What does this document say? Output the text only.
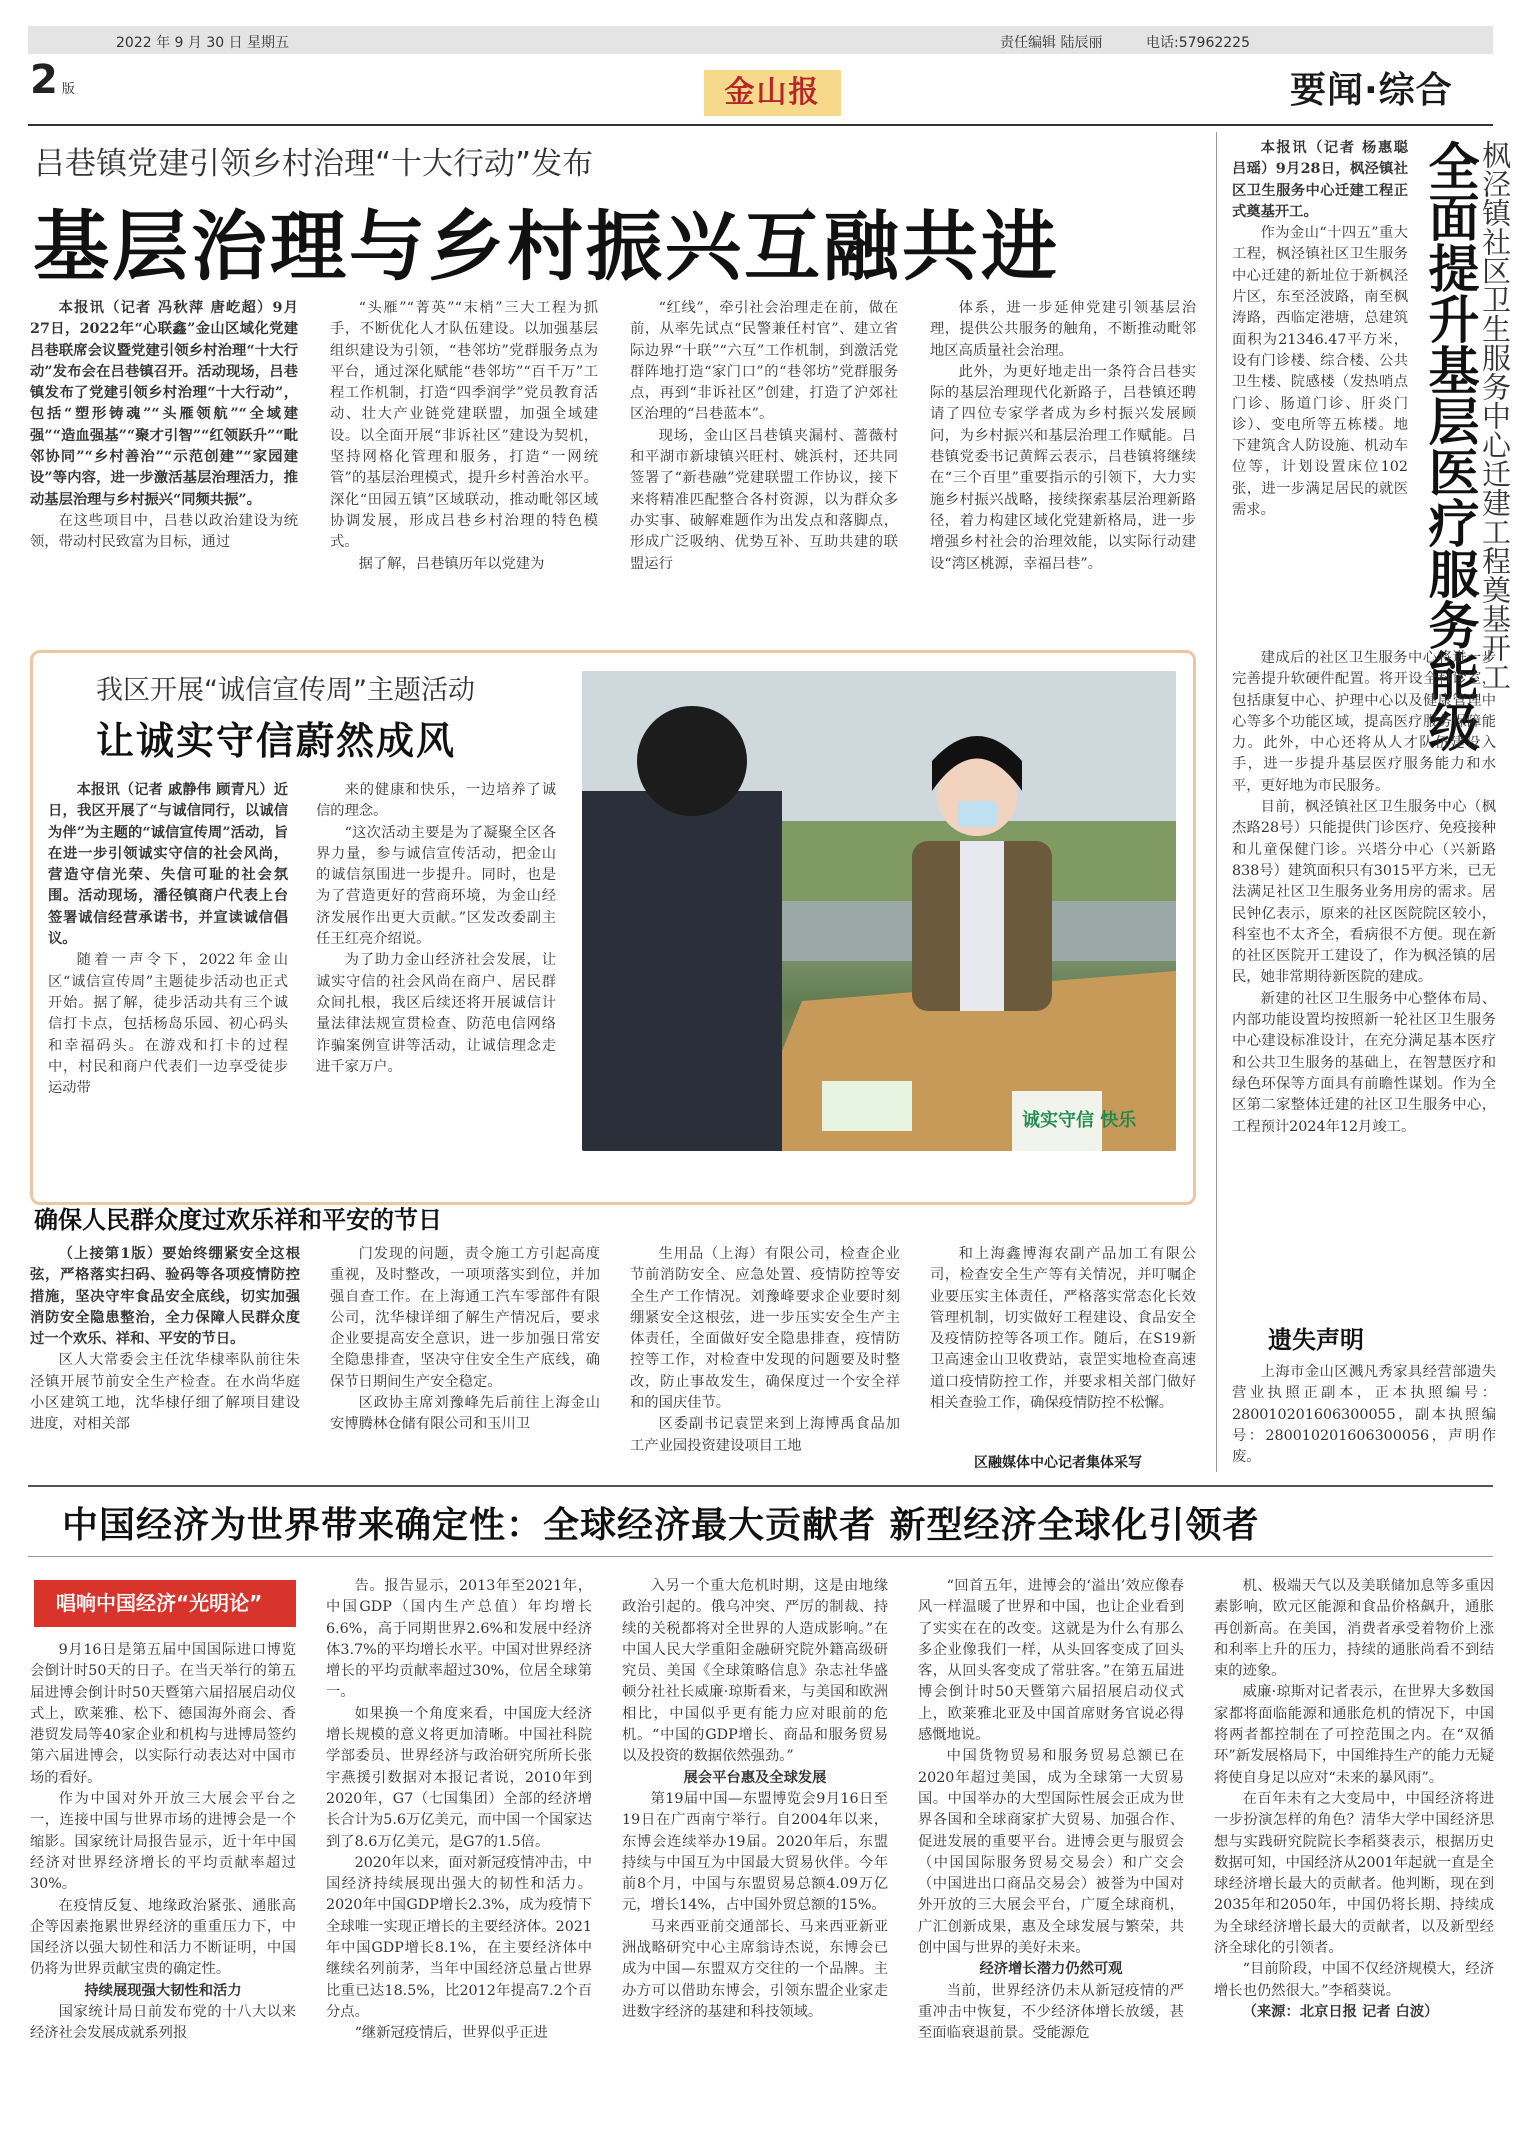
2022 年 9 月 30 日 星期五	责任编辑 陆辰丽	电话:57962225
2 版	金山报	要闻·综合
吕巷镇党建引领乡村治理“十大行动”发布
基层治理与乡村振兴互融共进

本报讯（记者 冯秋萍 唐屹超）9月27日，2022年“心联鑫”金山区域化党建吕巷联席会议暨党建引领乡村治理“十大行动”发布会在吕巷镇召开。活动现场，吕巷镇发布了党建引领乡村治理“十大行动”，包括“塑形铸魂”“头雁领航”“全域建强”“造血强基”“聚才引智”“红领跃升”“毗邻协同”“乡村善治”“示范创建”“家园建设”等内容，进一步激活基层治理活力，推动基层治理与乡村振兴“同频共振”。

在这些项目中，吕巷以政治建设为统领，带动村民致富为目标，通过

“头雁”“菁英”“末梢”三大工程为抓手，不断优化人才队伍建设。以加强基层组织建设为引领，“巷邻坊”党群服务点为平台，通过深化赋能“巷邻坊”“百千万”工程工作机制，打造“四季润学”党员教育活动、壮大产业链党建联盟，加强全域建设。以全面开展“非诉社区”建设为契机，坚持网格化管理和服务，打造“一网统管”的基层治理模式，提升乡村善治水平。深化“田园五镇”区域联动，推动毗邻区域协调发展，形成吕巷乡村治理的特色模式。

据了解，吕巷镇历年以党建为

“红线”，牵引社会治理走在前，做在前，从率先试点“民警兼任村官”、建立省际边界“十联”“六互”工作机制，到激活党群阵地打造“家门口”的“巷邻坊”党群服务点，再到“非诉社区”创建，打造了沪郊社区治理的“吕巷蓝本”。

现场，金山区吕巷镇夹漏村、蔷薇村和平湖市新埭镇兴旺村、姚浜村，还共同签署了“新巷融”党建联盟工作协议，接下来将精准匹配整合各村资源，以为群众多办实事、破解难题作为出发点和落脚点，形成广泛吸纳、优势互补、互助共建的联盟运行

体系，进一步延伸党建引领基层治理，提供公共服务的触角，不断推动毗邻地区高质量社会治理。

此外，为更好地走出一条符合吕巷实际的基层治理现代化新路子，吕巷镇还聘请了四位专家学者成为乡村振兴发展顾问，为乡村振兴和基层治理工作赋能。吕巷镇党委书记黄辉云表示，吕巷镇将继续在“三个百里”重要指示的引领下，大力实施乡村振兴战略，接续探索基层治理新路径，着力构建区域化党建新格局，进一步增强乡村社会的治理效能，以实际行动建设“湾区桃源，幸福吕巷”。

我区开展“诚信宣传周”主题活动
让诚实守信蔚然成风

本报讯（记者 戚静伟 顾青凡）近日，我区开展了“与诚信同行，以诚信为伴”为主题的“诚信宣传周”活动，旨在进一步引领诚实守信的社会风尚，营造守信光荣、失信可耻的社会氛围。活动现场，潘径镇商户代表上台签署诚信经营承诺书，并宣读诚信倡议。

随着一声令下，2022年金山区“诚信宣传周”主题徒步活动也正式开始。据了解，徒步活动共有三个诚信打卡点，包括杨岛乐园、初心码头和幸福码头。在游戏和打卡的过程中，村民和商户代表们一边享受徒步运动带

来的健康和快乐，一边培养了诚信的理念。

“这次活动主要是为了凝聚全区各界力量，参与诚信宣传活动，把金山的诚信氛围进一步提升。同时，也是为了营造更好的营商环境，为金山经济发展作出更大贡献。”区发改委副主任王红亮介绍说。

为了助力金山经济社会发展，让诚实守信的社会风尚在商户、居民群众间扎根，我区后续还将开展诚信计量法律法规宣贯检查、防范电信网络诈骗案例宣讲等活动，让诚信理念走进千家万户。

诚实守信 快乐
确保人民群众度过欢乐祥和平安的节日

（上接第1版）要始终绷紧安全这根弦，严格落实扫码、验码等各项疫情防控措施，坚决守牢食品安全底线，切实加强消防安全隐患整治，全力保障人民群众度过一个欢乐、祥和、平安的节日。

区人大常委会主任沈华棣率队前往朱泾镇开展节前安全生产检查。在水尚华庭小区建筑工地，沈华棣仔细了解项目建设进度，对相关部

门发现的问题，责令施工方引起高度重视，及时整改，一项项落实到位，并加强自查工作。在上海通工汽车零部件有限公司，沈华棣详细了解生产情况后，要求企业要提高安全意识，进一步加强日常安全隐患排查，坚决守住安全生产底线，确保节日期间生产安全稳定。

区政协主席刘豫峰先后前往上海金山安博腾林仓储有限公司和玉川卫

生用品（上海）有限公司，检查企业节前消防安全、应急处置、疫情防控等安全生产工作情况。刘豫峰要求企业要时刻绷紧安全这根弦，进一步压实安全生产主体责任，全面做好安全隐患排查，疫情防控等工作，对检查中发现的问题要及时整改，防止事故发生，确保度过一个安全祥和的国庆佳节。

区委副书记袁罡来到上海博禹食品加工产业园投资建设项目工地

和上海鑫博海农副产品加工有限公司，检查安全生产等有关情况，并叮嘱企业要压实主体责任，严格落实常态化长效管理机制，切实做好工程建设、食品安全及疫情防控等各项工作。随后，在S19新卫高速金山卫收费站，袁罡实地检查高速道口疫情防控工作，并要求相关部门做好相关查验工作，确保疫情防控不松懈。

区融媒体中心记者集体采写
枫泾镇社区卫生服务中心迁建工程奠基开工
全面提升基层医疗服务能级

本报讯（记者 杨惠聪 吕瑶）9月28日，枫泾镇社区卫生服务中心迁建工程正式奠基开工。

作为金山“十四五”重大工程，枫泾镇社区卫生服务中心迁建的新址位于新枫泾片区，东至泾波路，南至枫涛路，西临定港塘，总建筑面积为21346.47平方米，设有门诊楼、综合楼、公共卫生楼、院感楼（发热哨点门诊、肠道门诊、肝炎门诊）、变电所等五栋楼。地下建筑含人防设施、机动车位等，计划设置床位102张，进一步满足居民的就医需求。

建成后的社区卫生服务中心将进一步完善提升软硬件配置。将开设全科诊室，包括康复中心、护理中心以及健康管理中心等多个功能区域，提高医疗服务保障能力。此外，中心还将从人才队伍建设入手，进一步提升基层医疗服务能力和水平，更好地为市民服务。

目前，枫泾镇社区卫生服务中心（枫杰路28号）只能提供门诊医疗、免疫接种和儿童保健门诊。兴塔分中心（兴新路838号）建筑面积只有3015平方米，已无法满足社区卫生服务业务用房的需求。居民钟亿表示，原来的社区医院院区较小，科室也不太齐全，看病很不方便。现在新的社区医院开工建设了，作为枫泾镇的居民，她非常期待新医院的建成。

新建的社区卫生服务中心整体布局、内部功能设置均按照新一轮社区卫生服务中心建设标准设计，在充分满足基本医疗和公共卫生服务的基础上，在智慧医疗和绿色环保等方面具有前瞻性谋划。作为全区第二家整体迁建的社区卫生服务中心，工程预计2024年12月竣工。

遗失声明

上海市金山区溅凡秀家具经营部遗失营业执照正副本，正本执照编号：280010201606300055，副本执照编号：280010201606300056，声明作废。

中国经济为世界带来确定性：全球经济最大贡献者 新型经济全球化引领者
唱响中国经济“光明论”

9月16日是第五届中国国际进口博览会倒计时50天的日子。在当天举行的第五届进博会倒计时50天暨第六届招展启动仪式上，欧莱雅、松下、德国海外商会、香港贸发局等40家企业和机构与进博局签约第六届进博会，以实际行动表达对中国市场的看好。

作为中国对外开放三大展会平台之一，连接中国与世界市场的进博会是一个缩影。国家统计局报告显示，近十年中国经济对世界经济增长的平均贡献率超过30%。

在疫情反复、地缘政治紧张、通胀高企等因素拖累世界经济的重重压力下，中国经济以强大韧性和活力不断证明，中国仍将为世界贡献宝贵的确定性。

持续展现强大韧性和活力

国家统计局日前发布党的十八大以来经济社会发展成就系列报

告。报告显示，2013年至2021年，中国GDP（国内生产总值）年均增长6.6%，高于同期世界2.6%和发展中经济体3.7%的平均增长水平。中国对世界经济增长的平均贡献率超过30%，位居全球第一。

如果换一个角度来看，中国庞大经济增长规模的意义将更加清晰。中国社科院学部委员、世界经济与政治研究所所长张宇燕援引数据对本报记者说，2010年到2020年，G7（七国集团）全部的经济增长合计为5.6万亿美元，而中国一个国家达到了8.6万亿美元，是G7的1.5倍。

2020年以来，面对新冠疫情冲击，中国经济持续展现出强大的韧性和活力。2020年中国GDP增长2.3%，成为疫情下全球唯一实现正增长的主要经济体。2021年中国GDP增长8.1%，在主要经济体中继续名列前茅，当年中国经济总量占世界比重已达18.5%，比2012年提高7.2个百分点。

“继新冠疫情后，世界似乎正进

入另一个重大危机时期，这是由地缘政治引起的。俄乌冲突、严厉的制裁、持续的关税都将对全世界的人造成影响。”在中国人民大学重阳金融研究院外籍高级研究员、美国《全球策略信息》杂志社华盛顿分社社长威廉·琼斯看来，与美国和欧洲相比，中国似乎更有能力应对眼前的危机。“中国的GDP增长、商品和服务贸易以及投资的数据依然强劲。”

展会平台惠及全球发展

第19届中国—东盟博览会9月16日至19日在广西南宁举行。自2004年以来，东博会连续举办19届。2020年后，东盟持续与中国互为中国最大贸易伙伴。今年前8个月，中国与东盟贸易总额4.09万亿元，增长14%，占中国外贸总额的15%。

马来西亚前交通部长、马来西亚新亚洲战略研究中心主席翁诗杰说，东博会已成为中国—东盟双方交往的一个品牌。主办方可以借助东博会，引领东盟企业家走进数字经济的基建和科技领域。

“回首五年，进博会的‘溢出’效应像春风一样温暖了世界和中国，也让企业看到了实实在在的改变。这就是为什么有那么多企业像我们一样，从头回客变成了回头客，从回头客变成了常驻客。”在第五届进博会倒计时50天暨第六届招展启动仪式上，欧莱雅北亚及中国首席财务官说必得感慨地说。

中国货物贸易和服务贸易总额已在2020年超过美国，成为全球第一大贸易国。中国举办的大型国际性展会正成为世界各国和全球商家扩大贸易、加强合作、促进发展的重要平台。进博会更与服贸会（中国国际服务贸易交易会）和广交会（中国进出口商品交易会）被誉为中国对外开放的三大展会平台，广厦全球商机，广汇创新成果，惠及全球发展与繁荣，共创中国与世界的美好未来。

经济增长潜力仍然可观

当前，世界经济仍未从新冠疫情的严重冲击中恢复，不少经济体增长放缓，甚至面临衰退前景。受能源危

机、极端天气以及美联储加息等多重因素影响，欧元区能源和食品价格飙升，通胀再创新高。在美国，消费者承受着物价上涨和利率上升的压力，持续的通胀尚看不到结束的迹象。

威廉·琼斯对记者表示，在世界大多数国家都将面临能源和通胀危机的情况下，中国将两者都控制在了可控范围之内。在“双循环”新发展格局下，中国维持生产的能力无疑将使自身足以应对“未来的暴风雨”。

在百年未有之大变局中，中国经济将进一步扮演怎样的角色？清华大学中国经济思想与实践研究院院长李稻葵表示，根据历史数据可知，中国经济从2001年起就一直是全球经济增长最大的贡献者。他判断，现在到2035年和2050年，中国仍将长期、持续成为全球经济增长最大的贡献者，以及新型经济全球化的引领者。

“目前阶段，中国不仅经济规模大，经济增长也仍然很大。”李稻葵说。

（来源：北京日报 记者 白波）
